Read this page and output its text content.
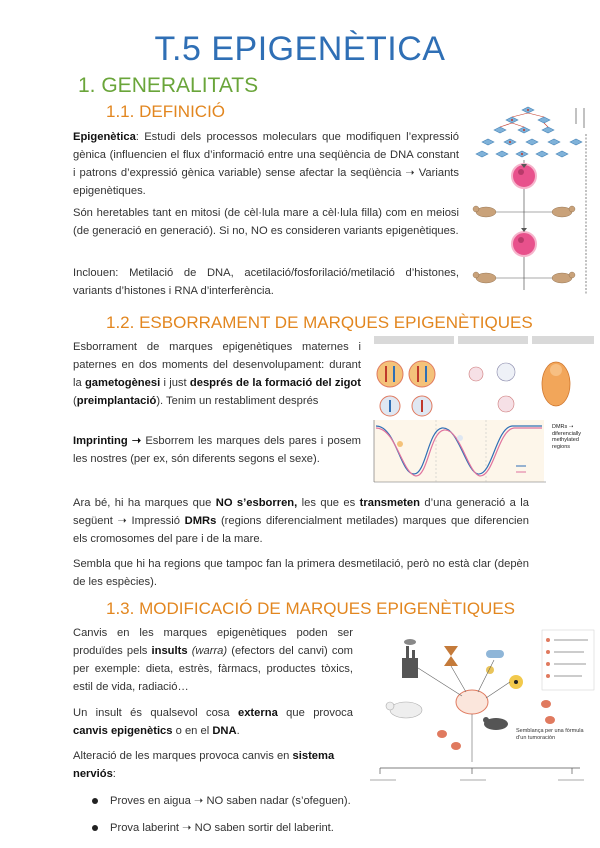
T.5 EPIGENÈTICA
1. GENERALITATS
1.1. DEFINICIÓ
Epigenètica: Estudi dels processos moleculars que modifiquen l’expressió gènica (influencien el flux d’informació entre una seqüència de DNA constant i patrons d’expressió gènica variable) sense afectar la seqüència ➝ Variants epigenètiques.
Són heretables tant en mitosi (de cèl·lula mare a cèl·lula filla) com en meiosi (de generació en generació). Si no, NO es consideren variants epigenètiques.
Inclouen: Metilació de DNA, acetilació/fosforilació/metilació d’histones, variants d’histones i RNA d’interferència.
1.2. ESBORRAMENT DE MARQUES EPIGENÈTIQUES
Esborrament de marques epigenètiques maternes i paternes en dos moments del desenvolupament: durant la gametogènesi i just després de la formació del zigot (preimplantació). Tenim un restabliment després
Imprinting ➝ Esborrem les marques dels pares i posem les nostres (per ex, són diferents segons el sexe).
Ara bé, hi ha marques que NO s’esborren, les que es transmeten d’una generació a la següent ➝ Impressió DMRs (regions diferencialment metilades) marques que diferencien els cromosomes del pare i de la mare.
Sembla que hi ha regions que tampoc fan la primera desmetilació, però no està clar (depèn de les espècies).
DMRs ➝ diferencially methylated regions
1.3. MODIFICACIÓ DE MARQUES EPIGENÈTIQUES
Canvis en les marques epigenètiques poden ser produïdes pels insults (warra) (efectors del canvi) com per exemple: dieta, estrès, fàrmacs, productes tòxics, estil de vida, radiació…
Un insult és qualsevol cosa externa que provoca canvis epigenètics o en el DNA.
Alteració de les marques provoca canvis en sistema nerviós:
Proves en aigua ➝ NO saben nadar (s’ofeguen).
Prova laberint ➝ NO saben sortir del laberint.
Semblança per una fòrmula d’un tumoraciòn
